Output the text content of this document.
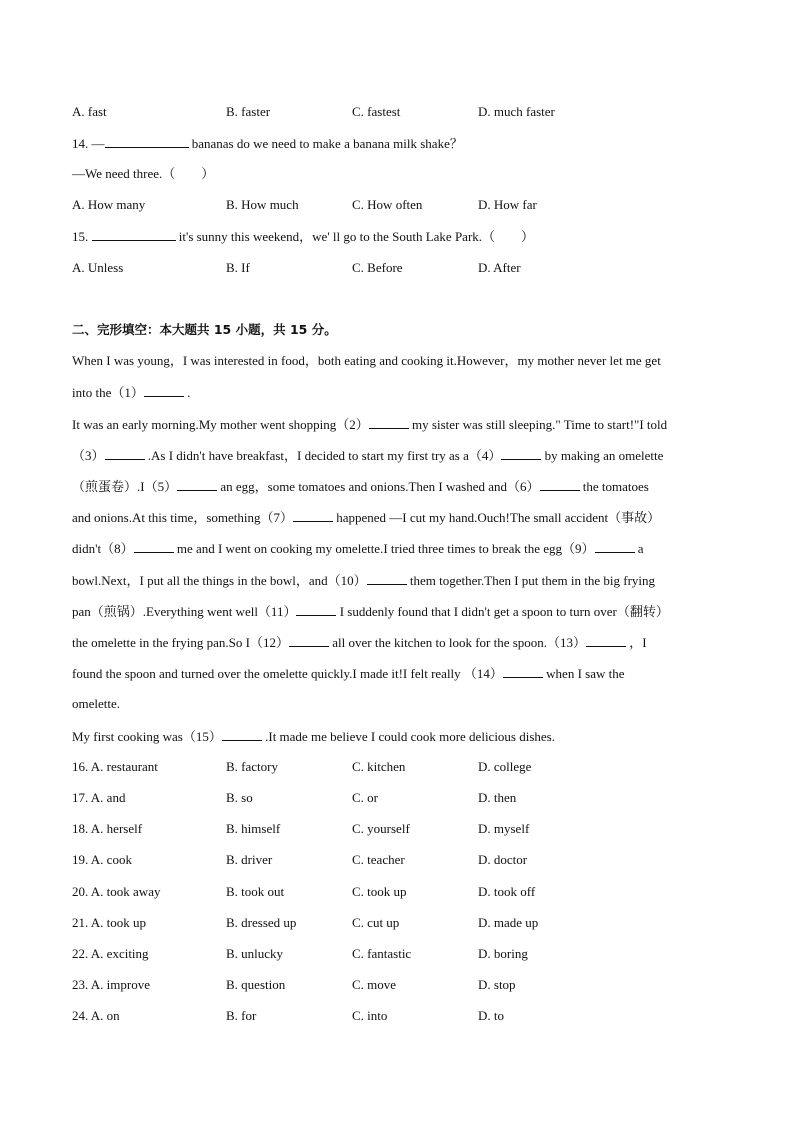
A. fast	B. faster	C. fastest	D. much faster
14. —	bananas do we need to make a banana milk shake？
—We need three.（　　）
A. How many	B. How much	C. How often	D. How far
15.	it's sunny this weekend，we' ll go to the South Lake Park.（　　）
A. Unless	B. If	C. Before	D. After
二、完形填空：本大题共 15 小题，共 15 分。
When I was young，I was interested in food，both eating and cooking it.However，my mother never let me get
into the（1）	.
It was an early morning.My mother went shopping（2）	my sister was still sleeping." Time to start!"I told
（3）	.As I didn't have breakfast，I decided to start my first try as a（4）	by making an omelette
（煎蛋卷）.I（5）	an egg，some tomatoes and onions.Then I washed and（6）	the tomatoes
and onions.At this time，something（7）	happened —I cut my hand.Ouch!The small accident（事故）
didn't（8）	me and I went on cooking my omelette.I tried three times to break the egg（9）	a
bowl.Next，I put all the things in the bowl，and（10）	them together.Then I put them in the big frying
pan（煎锅）.Everything went well（11）	I suddenly found that I didn't get a spoon to turn over（翻转）
the omelette in the frying pan.So I（12）	all over the kitchen to look for the spoon.（13）	，I
found the spoon and turned over the omelette quickly.I made it!I felt really （14）	when I saw the
omelette.
My first cooking was（15）	.It made me believe I could cook more delicious dishes.
16. A. restaurant	B. factory	C. kitchen	D. college
17. A. and	B. so	C. or	D. then
18. A. herself	B. himself	C. yourself	D. myself
19. A. cook	B. driver	C. teacher	D. doctor
20. A. took away	B. took out	C. took up	D. took off
21. A. took up	B. dressed up	C. cut up	D. made up
22. A. exciting	B. unlucky	C. fantastic	D. boring
23. A. improve	B. question	C. move	D. stop
24. A. on	B. for	C. into	D. to
